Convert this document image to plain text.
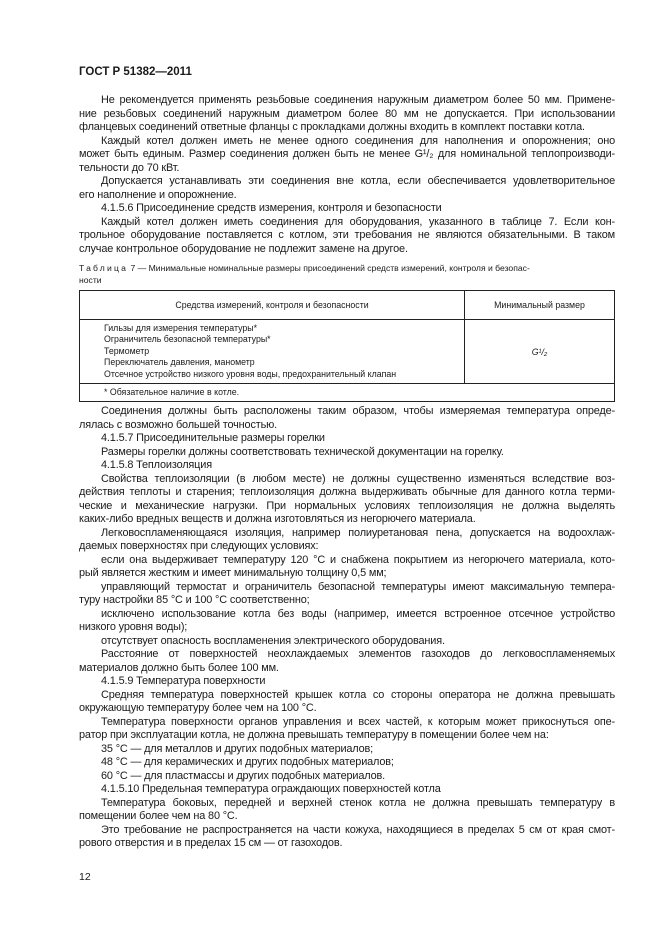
ГОСТ Р 51382—2011
Не рекомендуется применять резьбовые соединения наружным диаметром более 50 мм. Примене-
ние резьбовых соединений наружным диаметром более 80 мм не допускается. При использовании
фланцевых соединений ответные фланцы с прокладками должны входить в комплект поставки котла.
Каждый котел должен иметь не менее одного соединения для наполнения и опорожнения; оно
может быть единым. Размер соединения должен быть не менее G¹/₂ для номинальной теплопроизводи-
тельности до 70 кВт.
Допускается устанавливать эти соединения вне котла, если обеспечивается удовлетворительное
его наполнение и опорожнение.
4.1.5.6 Присоединение средств измерения, контроля и безопасности
Каждый котел должен иметь соединения для оборудования, указанного в таблице 7. Если кон-
трольное оборудование поставляется с котлом, эти требования не являются обязательными. В таком
случае контрольное оборудование не подлежит замене на другое.
Таблица 7 — Минимальные номинальные размеры присоединений средств измерений, контроля и безопас-
ности
Средства измерений, контроля и безопасности	Минимальный размер

Гильзы для измерения температуры*
Ограничитель безопасной температуры*
Термометр
Переключатель давления, манометр
Отсечное устройство низкого уровня воды, предохранительный клапан	G¹/₂
* Обязательное наличие в котле.	
Соединения должны быть расположены таким образом, чтобы измеряемая температура опреде-
лялась с возможно большей точностью.
4.1.5.7 Присоединительные размеры горелки
Размеры горелки должны соответствовать технической документации на горелку.
4.1.5.8 Теплоизоляция
Свойства теплоизоляции (в любом месте) не должны существенно изменяться вследствие воз-
действия теплоты и старения; теплоизоляция должна выдерживать обычные для данного котла терми-
ческие и механические нагрузки. При нормальных условиях теплоизоляция не должна выделять
каких-либо вредных веществ и должна изготовляться из негорючего материала.
Легковоспламеняющаяся изоляция, например полиуретановая пена, допускается на водоохлаж-
даемых поверхностях при следующих условиях:
если она выдерживает температуру 120 °C и снабжена покрытием из негорючего материала, кото-
рый является жестким и имеет минимальную толщину 0,5 мм;
управляющий термостат и ограничитель безопасной температуры имеют максимальную темпера-
туру настройки 85 °C и 100 °C соответственно;
исключено использование котла без воды (например, имеется встроенное отсечное устройство
низкого уровня воды);
отсутствует опасность воспламенения электрического оборудования.
Расстояние от поверхностей неохлаждаемых элементов газоходов до легковоспламеняемых
материалов должно быть более 100 мм.
4.1.5.9 Температура поверхности
Средняя температура поверхностей крышек котла со стороны оператора не должна превышать
окружающую температуру более чем на 100 °C.
Температура поверхности органов управления и всех частей, к которым может прикоснуться опе-
ратор при эксплуатации котла, не должна превышать температуру в помещении более чем на:
35 °C — для металлов и других подобных материалов;
48 °C — для керамических и других подобных материалов;
60 °C — для пластмассы и других подобных материалов.
4.1.5.10 Предельная температура ограждающих поверхностей котла
Температура боковых, передней и верхней стенок котла не должна превышать температуру в
помещении более чем на 80 °C.
Это требование не распространяется на части кожуха, находящиеся в пределах 5 см от края смот-
рового отверстия и в пределах 15 см — от газоходов.
12
